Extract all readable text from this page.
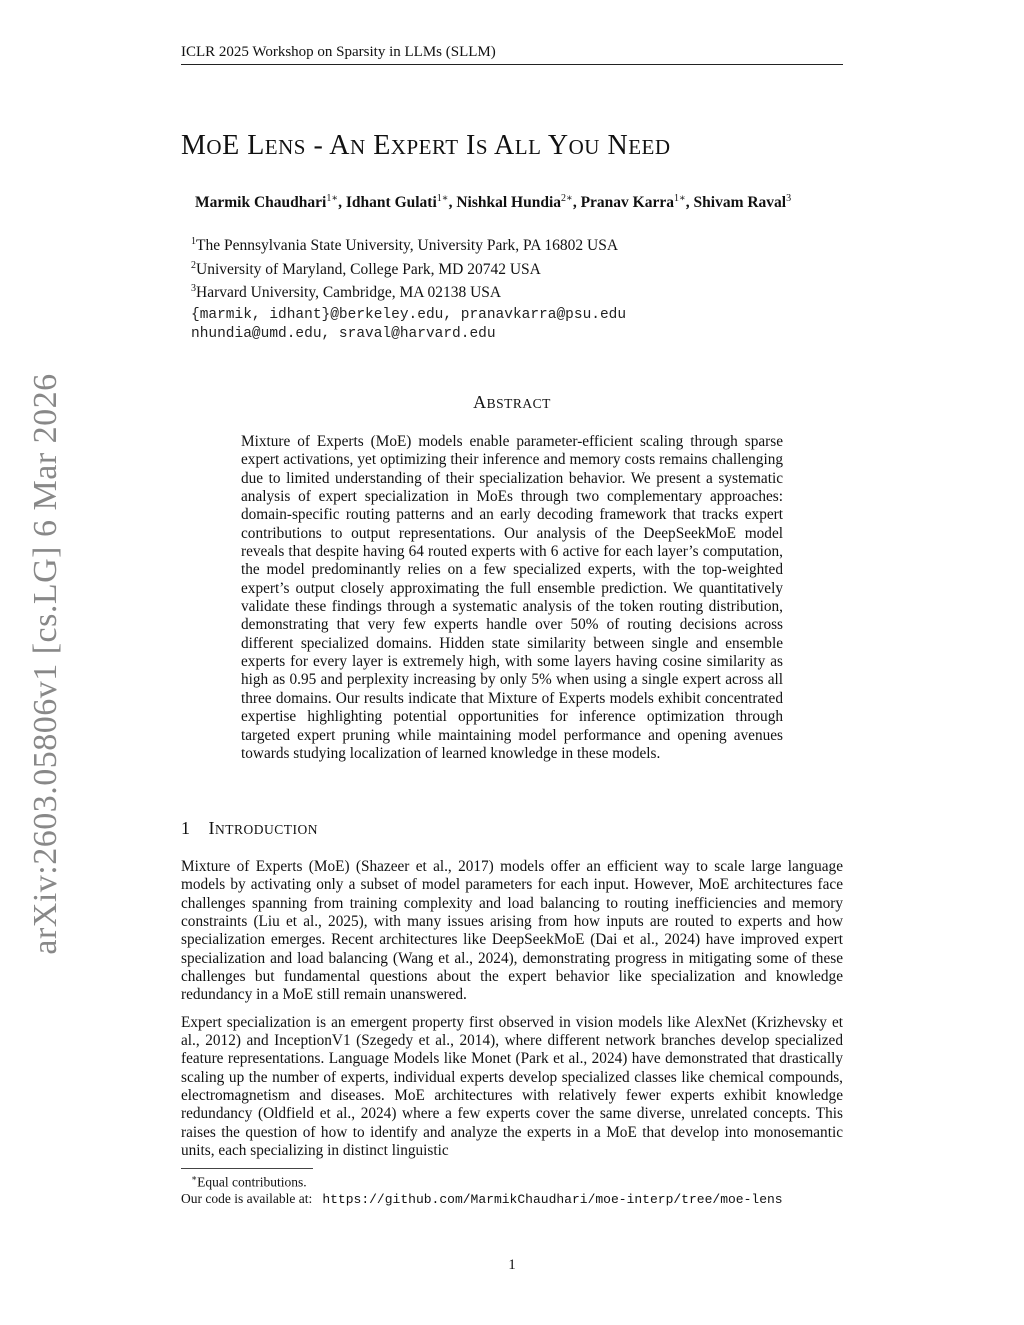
ICLR 2025 Workshop on Sparsity in LLMs (SLLM)
MOE LENS - AN EXPERT IS ALL YOU NEED
Marmik Chaudhari$^{1∗}$, Idhant Gulati$^{1∗}$, Nishkal Hundia$^{2∗}$, Pranav Karra$^{1∗}$, Shivam Raval$^3$
$^1$The Pennsylvania State University, University Park, PA 16802 USA
$^2$University of Maryland, College Park, MD 20742 USA
$^3$Harvard University, Cambridge, MA 02138 USA
{marmik, idhant}@berkeley.edu, pranavkarra@psu.edu
nhundia@umd.edu, sraval@harvard.edu
ABSTRACT
Mixture of Experts (MoE) models enable parameter-efficient scaling through sparse expert activations, yet optimizing their inference and memory costs remains challenging due to limited understanding of their specialization behavior. We present a systematic analysis of expert specialization in MoEs through two complementary approaches: domain-specific routing patterns and an early decoding framework that tracks expert contributions to output representations. Our analysis of the DeepSeekMoE model reveals that despite having 64 routed experts with 6 active for each layer’s computation, the model predominantly relies on a few specialized experts, with the top-weighted expert’s output closely approximating the full ensemble prediction. We quantitatively validate these findings through a systematic analysis of the token routing distribution, demonstrating that very few experts handle over 50% of routing decisions across different specialized domains. Hidden state similarity between single and ensemble experts for every layer is extremely high, with some layers having cosine similarity as high as 0.95 and perplexity increasing by only 5% when using a single expert across all three domains. Our results indicate that Mixture of Experts models exhibit concentrated expertise highlighting potential opportunities for inference optimization through targeted expert pruning while maintaining model performance and opening avenues towards studying localization of learned knowledge in these models.
1 INTRODUCTION

Mixture of Experts (MoE) (Shazeer et al., 2017) models offer an efficient way to scale large language models by activating only a subset of model parameters for each input. However, MoE architectures face challenges spanning from training complexity and load balancing to routing inefficiencies and memory constraints (Liu et al., 2025), with many issues arising from how inputs are routed to experts and how specialization emerges. Recent architectures like DeepSeekMoE (Dai et al., 2024) have improved expert specialization and load balancing (Wang et al., 2024), demonstrating progress in mitigating some of these challenges but fundamental questions about the expert behavior like specialization and knowledge redundancy in a MoE still remain unanswered.

Expert specialization is an emergent property first observed in vision models like AlexNet (Krizhevsky et al., 2012) and InceptionV1 (Szegedy et al., 2014), where different network branches develop specialized feature representations. Language Models like Monet (Park et al., 2024) have demonstrated that drastically scaling up the number of experts, individual experts develop specialized classes like chemical compounds, electromagnetism and diseases. MoE architectures with relatively fewer experts exhibit knowledge redundancy (Oldfield et al., 2024) where a few experts cover the same diverse, unrelated concepts. This raises the question of how to identify and analyze the experts in a MoE that develop into monosemantic units, each specializing in distinct linguistic

∗Equal contributions.
Our code is available at: https://github.com/MarmikChaudhari/moe-interp/tree/moe-lens
1
arXiv:2603.05806v1 [cs.LG] 6 Mar 2026
